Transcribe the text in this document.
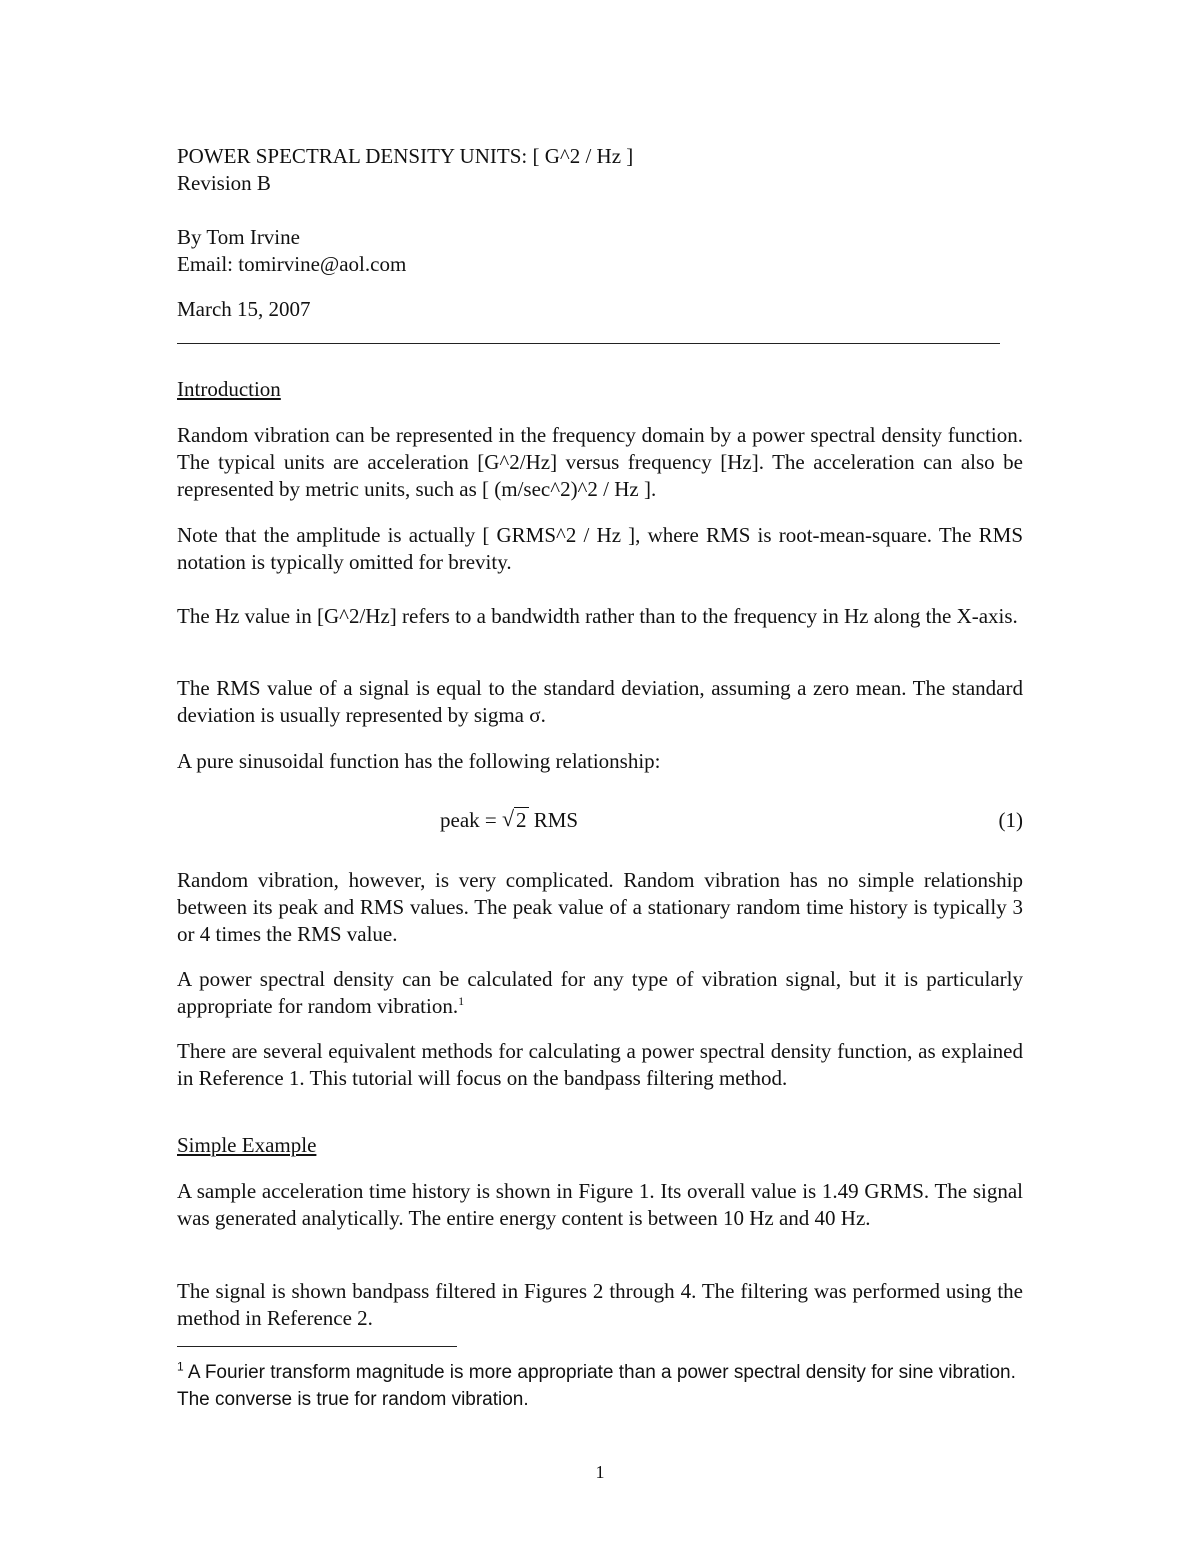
POWER SPECTRAL DENSITY UNITS: [ G^2 / Hz ]
Revision B
By Tom Irvine
Email: tomirvine@aol.com
March 15, 2007
Introduction
Random vibration can be represented in the frequency domain by a power spectral density function. The typical units are acceleration [G^2/Hz] versus frequency [Hz]. The acceleration can also be represented by metric units, such as [ (m/sec^2)^2 / Hz ].
Note that the amplitude is actually [ GRMS^2 / Hz ], where RMS is root-mean-square. The RMS notation is typically omitted for brevity.
The Hz value in [G^2/Hz] refers to a bandwidth rather than to the frequency in Hz along the X-axis.
The RMS value of a signal is equal to the standard deviation, assuming a zero mean. The standard deviation is usually represented by sigma σ.
A pure sinusoidal function has the following relationship:
peak = √ 2 RMS	(1)
Random vibration, however, is very complicated. Random vibration has no simple relationship between its peak and RMS values. The peak value of a stationary random time history is typically 3 or 4 times the RMS value.
A power spectral density can be calculated for any type of vibration signal, but it is particularly appropriate for random vibration.$^1$
There are several equivalent methods for calculating a power spectral density function, as explained in Reference 1. This tutorial will focus on the bandpass filtering method.
Simple Example
A sample acceleration time history is shown in Figure 1. Its overall value is 1.49 GRMS. The signal was generated analytically. The entire energy content is between 10 Hz and 40 Hz.
The signal is shown bandpass filtered in Figures 2 through 4. The filtering was performed using the method in Reference 2.
$^1$ A Fourier transform magnitude is more appropriate than a power spectral density for sine vibration. The converse is true for random vibration.
1
